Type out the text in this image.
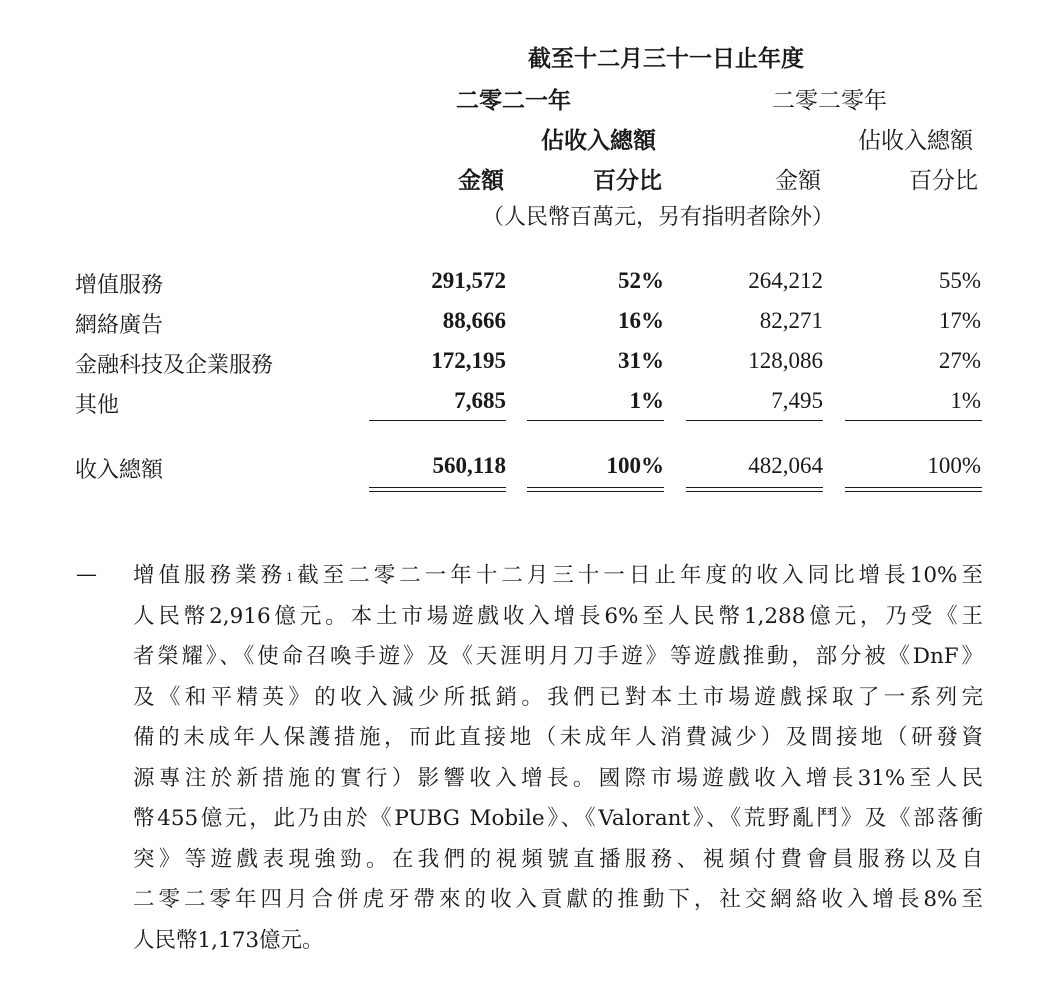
截至十二月三十一日止年度
二零二一年	二零二零年
佔收入總額	佔收入總額
金額	百分比	金額	百分比
（人民幣百萬元，另有指明者除外）
增值服務	291,572	52%	264,212	55%
網絡廣告	88,666	16%	82,271	17%
金融科技及企業服務	172,195	31%	128,086	27%
其他	7,685	1%	7,495	1%
收入總額	560,118	100%	482,064	100%
— 增值服務業務$^1$截至二零二一年十二月三十一日止年度的收入同比增長10%至
人民幣2,916億元。本土市場遊戲收入增長6%至人民幣1,288億元，乃受《王
者榮耀》、《使命召喚手遊》及《天涯明月刀手遊》等遊戲推動，部分被《DnF》
及《和平精英》的收入減少所抵銷。我們已對本土市場遊戲採取了一系列完
備的未成年人保護措施，而此直接地（未成年人消費減少）及間接地（研發資
源專注於新措施的實行）影響收入增長。國際市場遊戲收入增長31%至人民
幣455億元，此乃由於《PUBG Mobile》、《Valorant》、《荒野亂鬥》及《部落衝
突》等遊戲表現強勁。在我們的視頻號直播服務、視頻付費會員服務以及自
二零二零年四月合併虎牙帶來的收入貢獻的推動下，社交網絡收入增長8%至
人民幣1,173億元。
